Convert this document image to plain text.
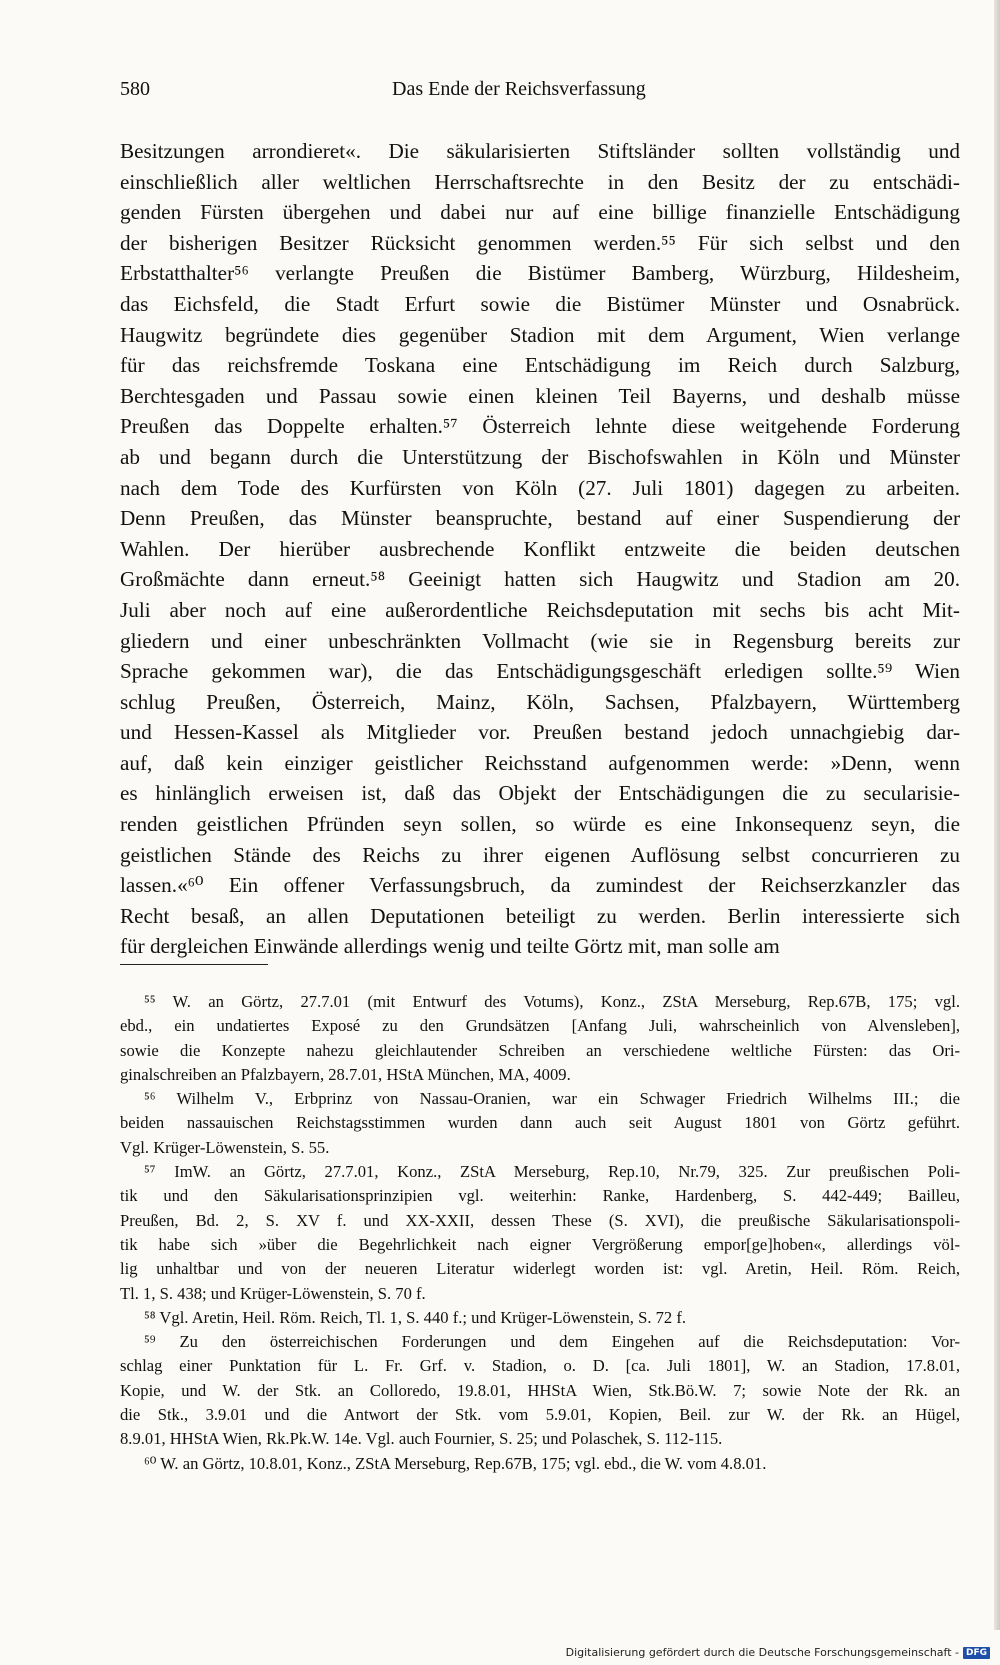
580	Das Ende der Reichsverfassung
Besitzungen arrondieret«. Die säkularisierten Stiftsländer sollten vollständig und
einschließlich aller weltlichen Herrschaftsrechte in den Besitz der zu entschädi-
genden Fürsten übergehen und dabei nur auf eine billige finanzielle Entschädigung
der bisherigen Besitzer Rücksicht genommen werden.⁵⁵ Für sich selbst und den
Erbstatthalter⁵⁶ verlangte Preußen die Bistümer Bamberg, Würzburg, Hildesheim,
das Eichsfeld, die Stadt Erfurt sowie die Bistümer Münster und Osnabrück.
Haugwitz begründete dies gegenüber Stadion mit dem Argument, Wien verlange
für das reichsfremde Toskana eine Entschädigung im Reich durch Salzburg,
Berchtesgaden und Passau sowie einen kleinen Teil Bayerns, und deshalb müsse
Preußen das Doppelte erhalten.⁵⁷ Österreich lehnte diese weitgehende Forderung
ab und begann durch die Unterstützung der Bischofswahlen in Köln und Münster
nach dem Tode des Kurfürsten von Köln (27. Juli 1801) dagegen zu arbeiten.
Denn Preußen, das Münster beanspruchte, bestand auf einer Suspendierung der
Wahlen. Der hierüber ausbrechende Konflikt entzweite die beiden deutschen
Großmächte dann erneut.⁵⁸ Geeinigt hatten sich Haugwitz und Stadion am 20.
Juli aber noch auf eine außerordentliche Reichsdeputation mit sechs bis acht Mit-
gliedern und einer unbeschränkten Vollmacht (wie sie in Regensburg bereits zur
Sprache gekommen war), die das Entschädigungsgeschäft erledigen sollte.⁵⁹ Wien
schlug Preußen, Österreich, Mainz, Köln, Sachsen, Pfalzbayern, Württemberg
und Hessen-Kassel als Mitglieder vor. Preußen bestand jedoch unnachgiebig dar-
auf, daß kein einziger geistlicher Reichsstand aufgenommen werde: »Denn, wenn
es hinlänglich erweisen ist, daß das Objekt der Entschädigungen die zu secularisie-
renden geistlichen Pfründen seyn sollen, so würde es eine Inkonsequenz seyn, die
geistlichen Stände des Reichs zu ihrer eigenen Auflösung selbst concurrieren zu
lassen.«⁶⁰ Ein offener Verfassungsbruch, da zumindest der Reichserzkanzler das
Recht besaß, an allen Deputationen beteiligt zu werden. Berlin interessierte sich
für dergleichen Einwände allerdings wenig und teilte Görtz mit, man solle am
⁵⁵ W. an Görtz, 27.7.01 (mit Entwurf des Votums), Konz., ZStA Merseburg, Rep.67B, 175; vgl.
ebd., ein undatiertes Exposé zu den Grundsätzen [Anfang Juli, wahrscheinlich von Alvensleben],
sowie die Konzepte nahezu gleichlautender Schreiben an verschiedene weltliche Fürsten: das Ori-
ginalschreiben an Pfalzbayern, 28.7.01, HStA München, MA, 4009.
⁵⁶ Wilhelm V., Erbprinz von Nassau-Oranien, war ein Schwager Friedrich Wilhelms III.; die
beiden nassauischen Reichstagsstimmen wurden dann auch seit August 1801 von Görtz geführt.
Vgl. Krüger-Löwenstein, S. 55.
⁵⁷ ImW. an Görtz, 27.7.01, Konz., ZStA Merseburg, Rep.10, Nr.79, 325. Zur preußischen Poli-
tik und den Säkularisationsprinzipien vgl. weiterhin: Ranke, Hardenberg, S. 442-449; Bailleu,
Preußen, Bd. 2, S. XV f. und XX-XXII, dessen These (S. XVI), die preußische Säkularisationspoli-
tik habe sich »über die Begehrlichkeit nach eigner Vergrößerung empor[ge]hoben«, allerdings völ-
lig unhaltbar und von der neueren Literatur widerlegt worden ist: vgl. Aretin, Heil. Röm. Reich,
Tl. 1, S. 438; und Krüger-Löwenstein, S. 70 f.
⁵⁸ Vgl. Aretin, Heil. Röm. Reich, Tl. 1, S. 440 f.; und Krüger-Löwenstein, S. 72 f.
⁵⁹ Zu den österreichischen Forderungen und dem Eingehen auf die Reichsdeputation: Vor-
schlag einer Punktation für L. Fr. Grf. v. Stadion, o. D. [ca. Juli 1801], W. an Stadion, 17.8.01,
Kopie, und W. der Stk. an Colloredo, 19.8.01, HHStA Wien, Stk.Bö.W. 7; sowie Note der Rk. an
die Stk., 3.9.01 und die Antwort der Stk. vom 5.9.01, Kopien, Beil. zur W. der Rk. an Hügel,
8.9.01, HHStA Wien, Rk.Pk.W. 14e. Vgl. auch Fournier, S. 25; und Polaschek, S. 112-115.
⁶⁰ W. an Görtz, 10.8.01, Konz., ZStA Merseburg, Rep.67B, 175; vgl. ebd., die W. vom 4.8.01.
Digitalisierung gefördert durch die Deutsche Forschungsgemeinschaft - DFG
